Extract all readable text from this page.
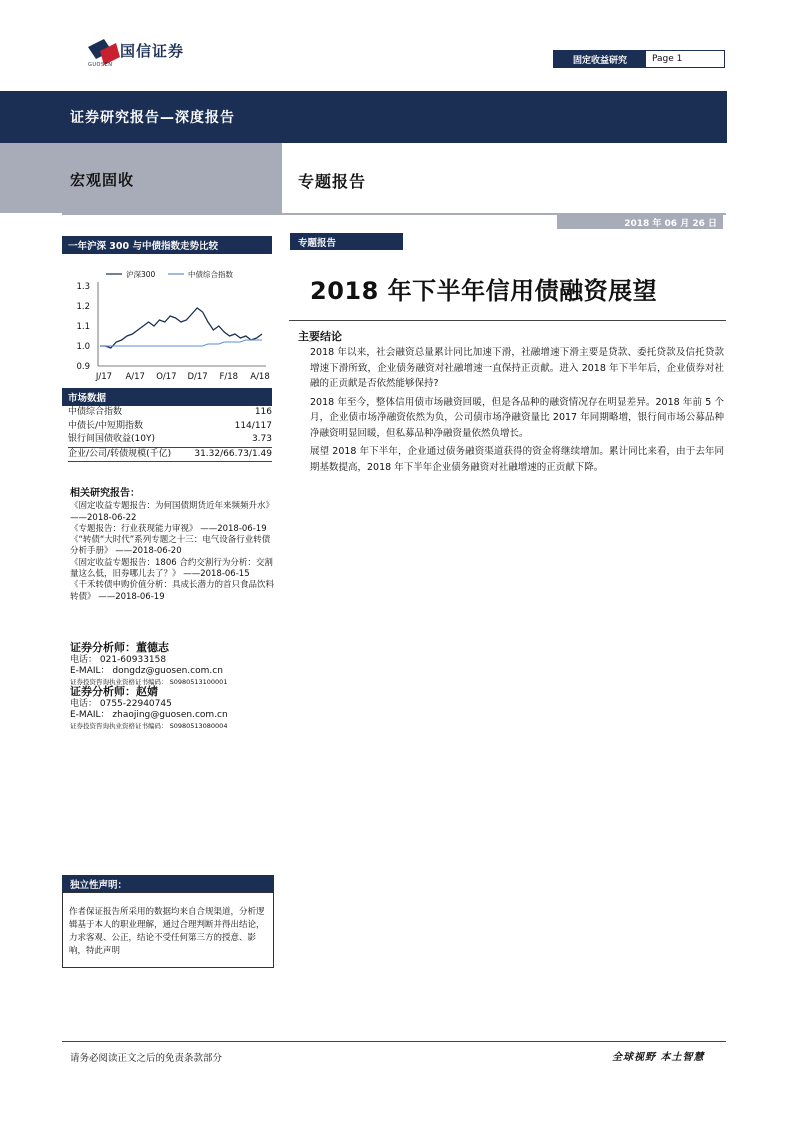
国信证券
GUOSEN	固定收益研究	Page
1
证券研究报告—深度报告
宏观固收	专题报告
2018 年 06 月 26 日
一年沪深 300 与中债指数走势比较
1.3
1.2
1.1
1.0
0.9
J/17 A/17 O/17 D/17 F/18 A/18
沪深300	中债综合指数
市场数据
中债综合指数	116
中债长/中短期指数	114/117
银行间国债收益(10Y)	3.73
企业/公司/转债规模(千亿)	31.32/66.73/1.49
相关研究报告：
《固定收益专题报告：为何国债期货近年来频频升水》 ——2018-06-22
《专题报告：行业获现能力审视》 ——2018-06-19
《“转债“大时代”系列专题之十三：电气设备行业转债分析手册》 ——2018-06-20
《固定收益专题报告：1806 合约交割行为分析：交割量这么低，旧券哪儿去了？》 ——2018-06-15
《千禾转债申购价值分析：具成长潜力的首只食品饮料转债》 ——2018-06-19
证券分析师：董德志
电话： 021-60933158
E-MAIL： dongdz@guosen.com.cn
证券投资咨询执业资格证书编码： S0980513100001
证券分析师：赵婧
电话： 0755-22940745
E-MAIL： zhaojing@guosen.com.cn
证券投资咨询执业资格证书编码： S0980513080004
独立性声明：
作者保证报告所采用的数据均来自合规渠道，分析逻辑基于本人的职业理解，通过合理判断并得出结论，力求客观、公正，结论不受任何第三方的授意、影响，特此声明
专题报告
2018 年下半年信用债融资展望
主要结论

2018 年以来，社会融资总量累计同比加速下滑，社融增速下滑主要是贷款、委托贷款及信托贷款增速下滑所致，企业债务融资对社融增速一直保持正贡献。进入 2018 年下半年后，企业债券对社融的正贡献是否依然能够保持?

2018 年至今，整体信用债市场融资回暖，但是各品种的融资情况存在明显差异。2018 年前 5 个月，企业债市场净融资依然为负，公司债市场净融资量比 2017 年同期略增，银行间市场公募品种净融资明显回暖，但私募品种净融资量依然负增长。

展望 2018 年下半年，企业通过债务融资渠道获得的资金将继续增加。累计同比来看，由于去年同期基数提高，2018 年下半年企业债务融资对社融增速的正贡献下降。

请务必阅读正文之后的免责条款部分	全球视野 本土智慧
